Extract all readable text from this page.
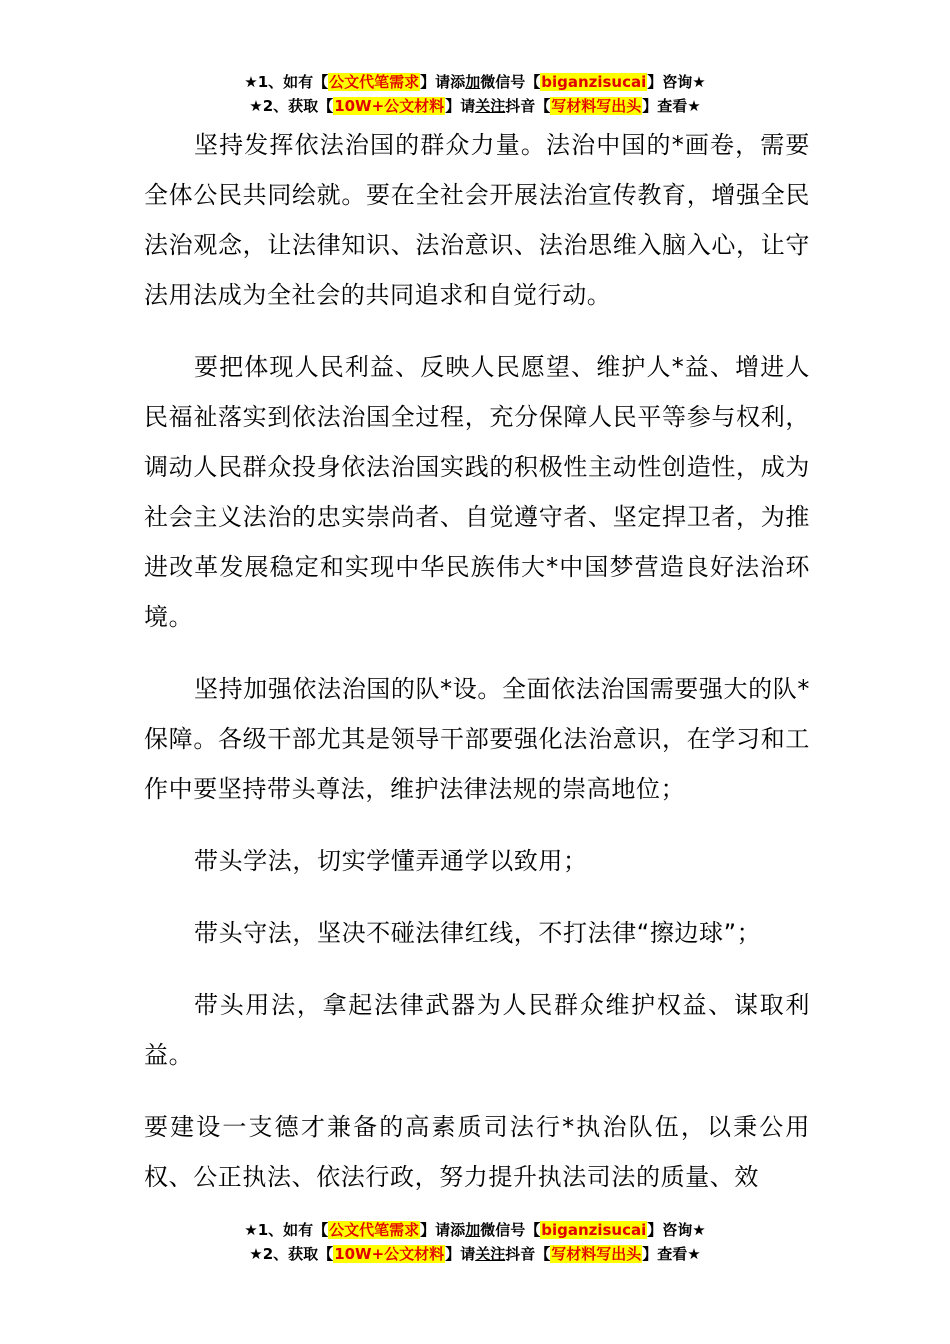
★1、如有【公文代笔需求】请添加微信号【biganzisucai】咨询★
★2、获取【10W+公文材料】请关注抖音【写材料写出头】查看★

坚持发挥依法治国的群众力量。法治中国的*画卷，需要全体公民共同绘就。要在全社会开展法治宣传教育，增强全民法治观念，让法律知识、法治意识、法治思维入脑入心，让守法用法成为全社会的共同追求和自觉行动。

要把体现人民利益、反映人民愿望、维护人*益、增进人民福祉落实到依法治国全过程，充分保障人民平等参与权利，调动人民群众投身依法治国实践的积极性主动性创造性，成为社会主义法治的忠实崇尚者、自觉遵守者、坚定捍卫者，为推进改革发展稳定和实现中华民族伟大*中国梦营造良好法治环境。

坚持加强依法治国的队*设。全面依法治国需要强大的队*保障。各级干部尤其是领导干部要强化法治意识，在学习和工作中要坚持带头尊法，维护法律法规的崇高地位；

带头学法，切实学懂弄通学以致用；

带头守法，坚决不碰法律红线，不打法律“擦边球”；

带头用法，拿起法律武器为人民群众维护权益、谋取利益。

要建设一支德才兼备的高素质司法行*执治队伍，以秉公用权、公正执法、依法行政，努力提升执法司法的质量、效

★1、如有【公文代笔需求】请添加微信号【biganzisucai】咨询★
★2、获取【10W+公文材料】请关注抖音【写材料写出头】查看★
